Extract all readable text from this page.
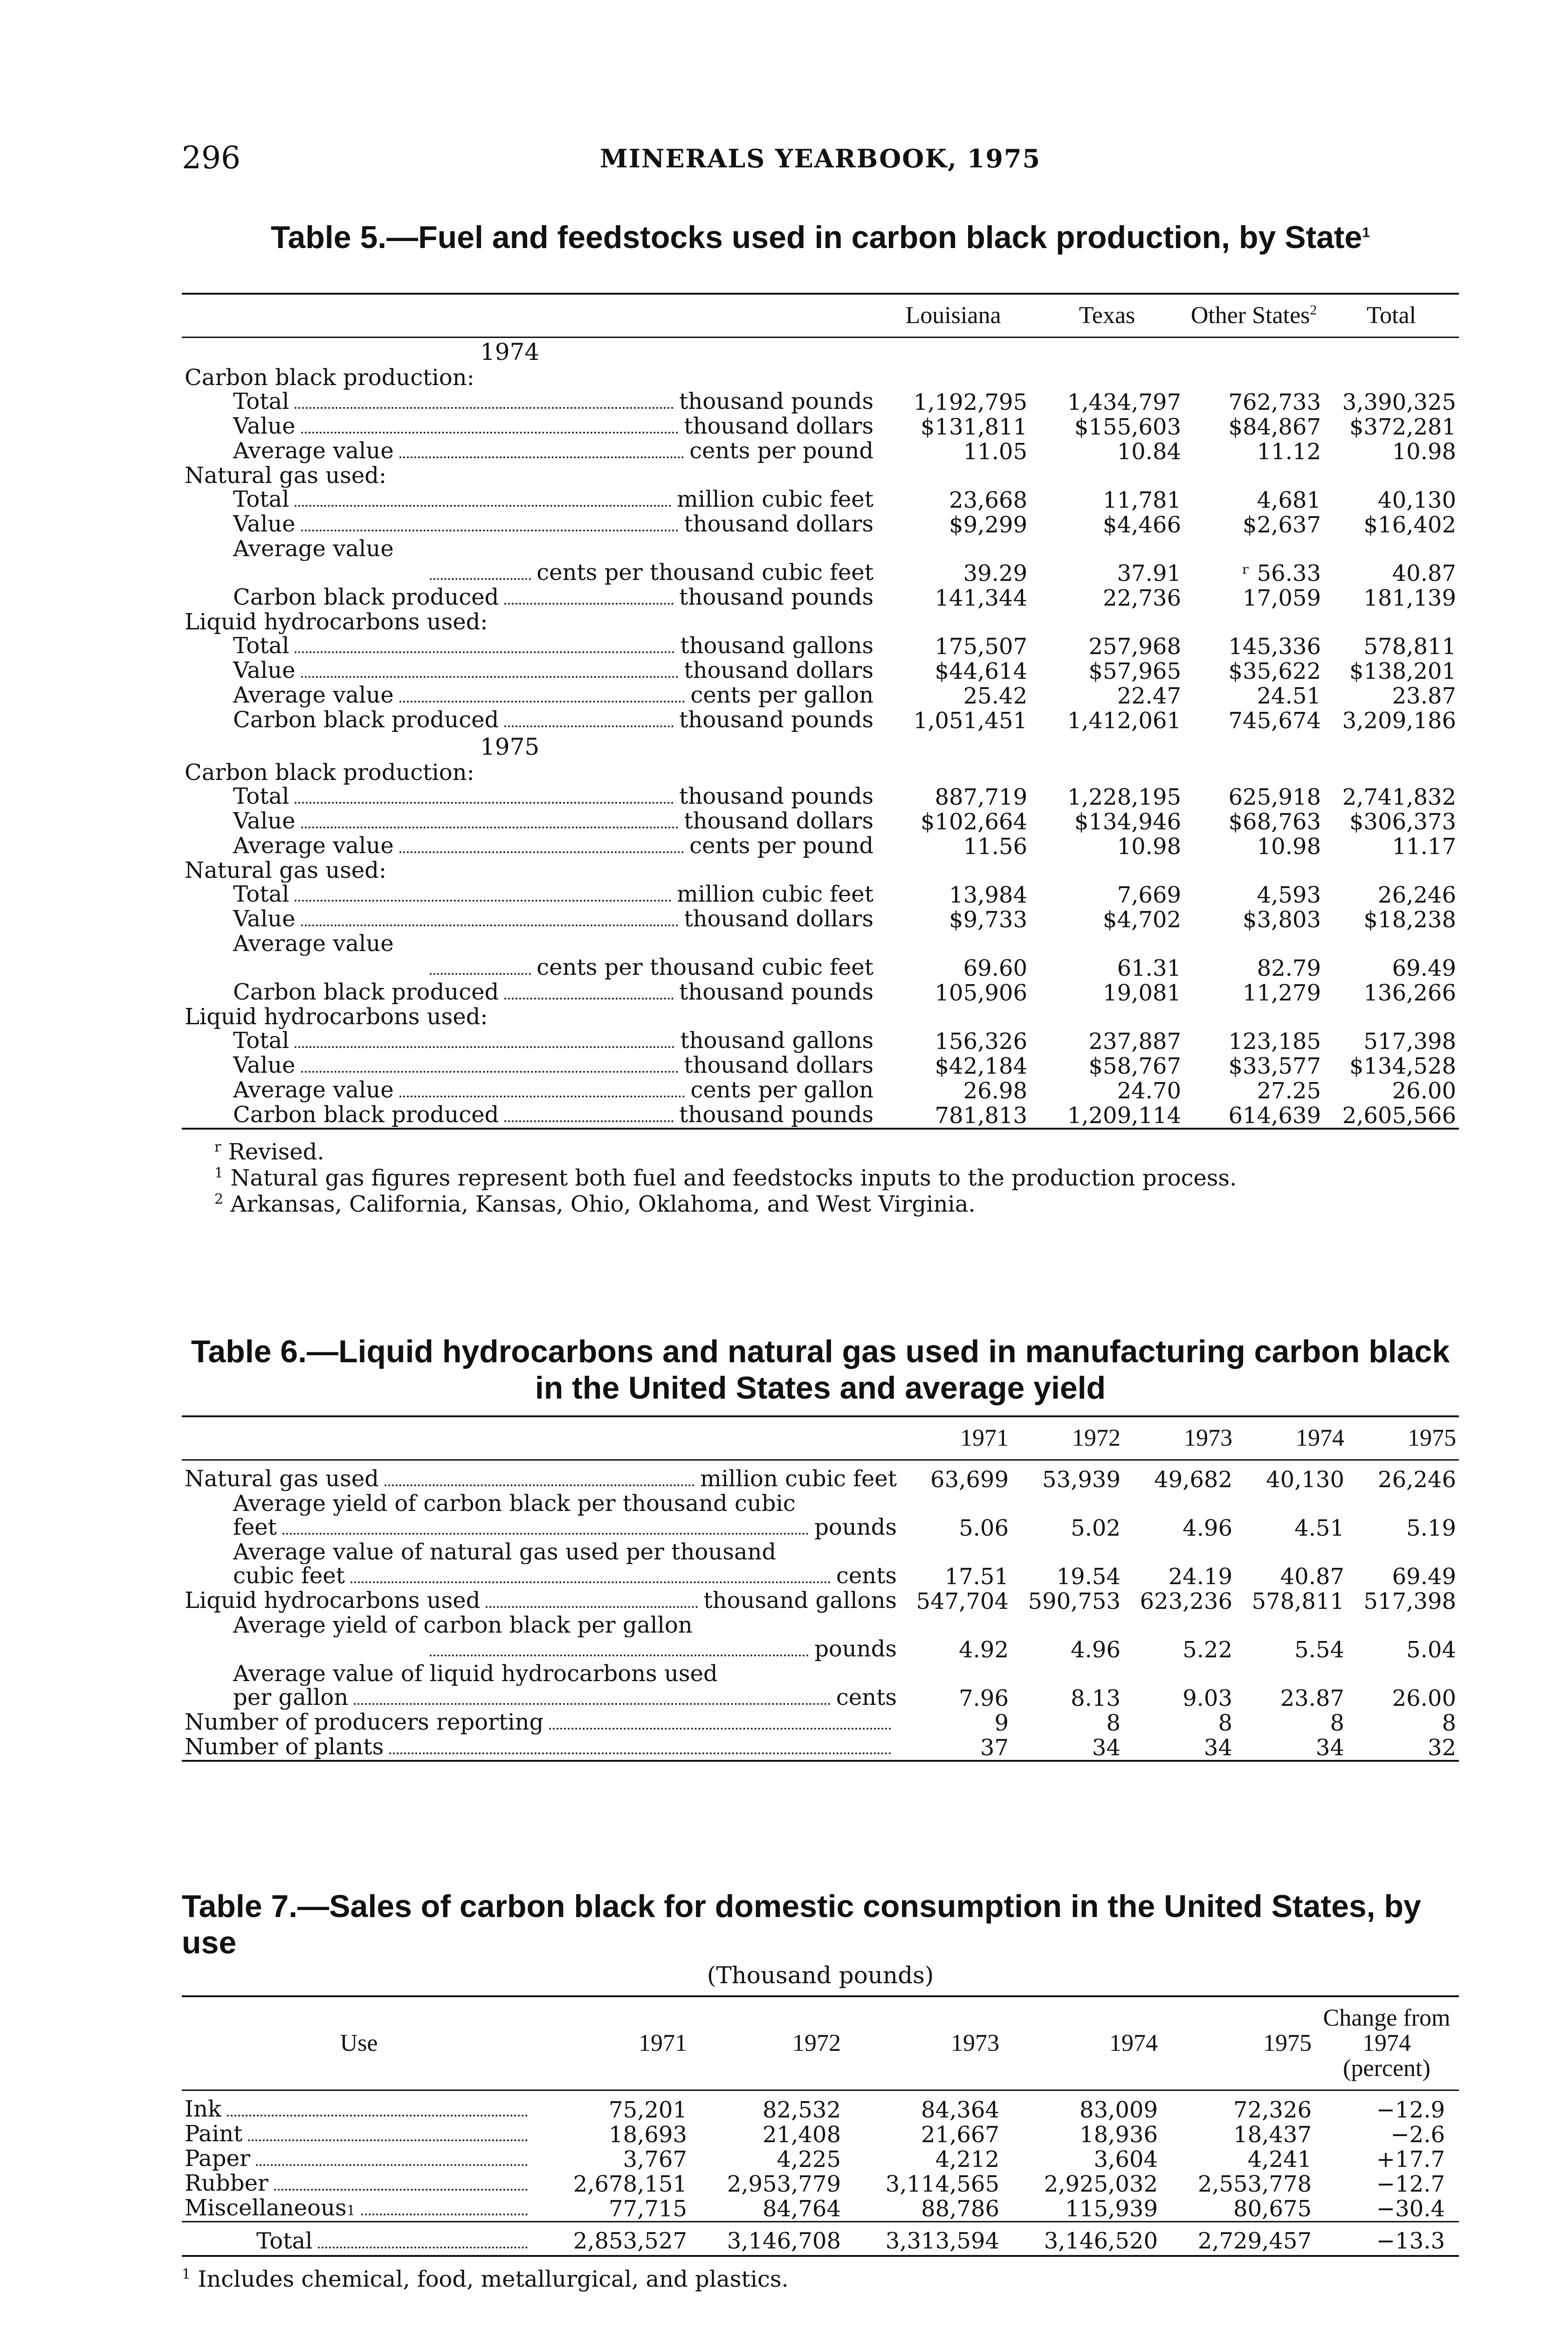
296	MINERALS YEARBOOK, 1975
Table 5.—Fuel and feedstocks used in carbon black production, by State$^1$
	Louisiana	Texas	Other States$^2$	Total
1974				

Carbon black production:				

Total thousand pounds	1,192,795	1,434,797	762,733	3,390,325

Value thousand dollars	$131,811	$155,603	$84,867	$372,281

Average value cents per pound	11.05	10.84	11.12	10.98

Natural gas used:				

Total million cubic feet	23,668	11,781	4,681	40,130

Value thousand dollars	$9,299	$4,466	$2,637	$16,402

Average value				

cents per thousand cubic feet	39.29	37.91	ʳ 56.33	40.87

Carbon black produced thousand pounds	141,344	22,736	17,059	181,139

Liquid hydrocarbons used:				

Total thousand gallons	175,507	257,968	145,336	578,811

Value thousand dollars	$44,614	$57,965	$35,622	$138,201

Average value cents per gallon	25.42	22.47	24.51	23.87

Carbon black produced thousand pounds	1,051,451	1,412,061	745,674	3,209,186
1975				

Carbon black production:				

Total thousand pounds	887,719	1,228,195	625,918	2,741,832

Value thousand dollars	$102,664	$134,946	$68,763	$306,373

Average value cents per pound	11.56	10.98	10.98	11.17

Natural gas used:				

Total million cubic feet	13,984	7,669	4,593	26,246

Value thousand dollars	$9,733	$4,702	$3,803	$18,238

Average value				

cents per thousand cubic feet	69.60	61.31	82.79	69.49

Carbon black produced thousand pounds	105,906	19,081	11,279	136,266

Liquid hydrocarbons used:				

Total thousand gallons	156,326	237,887	123,185	517,398

Value thousand dollars	$42,184	$58,767	$33,577	$134,528

Average value cents per gallon	26.98	24.70	27.25	26.00

Carbon black produced thousand pounds	781,813	1,209,114	614,639	2,605,566
$^r$ Revised.
$^1$ Natural gas figures represent both fuel and feedstocks inputs to the production process.
$^2$ Arkansas, California, Kansas, Ohio, Oklahoma, and West Virginia.
Table 6.—Liquid hydrocarbons and natural gas used in manufacturing carbon black
in the United States and average yield
	1971	1972	1973	1974	1975

Natural gas used million cubic feet	63,699	53,939	49,682	40,130	26,246

Average yield of carbon black per thousand cubic					

feet pounds	5.06	5.02	4.96	4.51	5.19

Average value of natural gas used per thousand					

cubic feet cents	17.51	19.54	24.19	40.87	69.49

Liquid hydrocarbons used thousand gallons	547,704	590,753	623,236	578,811	517,398

Average yield of carbon black per gallon					

pounds	4.92	4.96	5.22	5.54	5.04

Average value of liquid hydrocarbons used					

per gallon cents	7.96	8.13	9.03	23.87	26.00

Number of producers reporting	9	8	8	8	8

Number of plants	37	34	34	34	32
Table 7.—Sales of carbon black for domestic consumption in the United States, by use
(Thousand pounds)
Use	1971	1972	1973	1974	1975	Change from 1974 (percent)

Ink	75,201	82,532	84,364	83,009	72,326	−12.9

Paint	18,693	21,408	21,667	18,936	18,437	−2.6

Paper	3,767	4,225	4,212	3,604	4,241	+17.7

Rubber	2,678,151	2,953,779	3,114,565	2,925,032	2,553,778	−12.7

Miscellaneous 1	77,715	84,764	88,786	115,939	80,675	−30.4

Total	2,853,527	3,146,708	3,313,594	3,146,520	2,729,457	−13.3
$^1$ Includes chemical, food, metallurgical, and plastics.
